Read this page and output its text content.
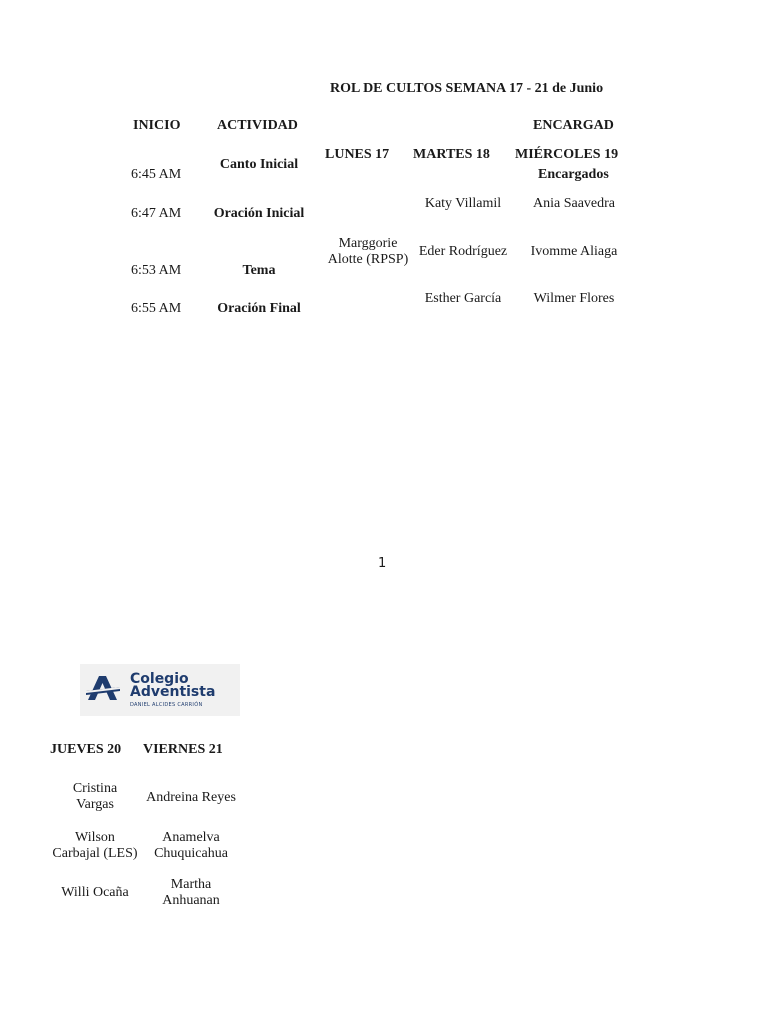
ROL DE CULTOS SEMANA 17 - 21 de Junio
INICIO	ACTIVIDAD	ENCARGAD
LUNES 17 MARTES 18 MIÉRCOLES 19
Encargados
6:45 AM
6:47 AM
6:53 AM
6:55 AM
Canto Inicial
Oración Inicial
Tema
Oración Final
Marggorie
Alotte (RPSP)
Katy Villamil
Eder Rodríguez
Esther García
Ania Saavedra
Ivomme Aliaga
Wilmer Flores
1
Colegio
Adventista
DANIEL ALCIDES CARRIÓN
JUEVES 20 VIERNES 21
Cristina
Vargas
Wilson
Carbajal (LES)
Willi Ocaña
Andreina Reyes
Anamelva
Chuquicahua
Martha
Anhuanan
